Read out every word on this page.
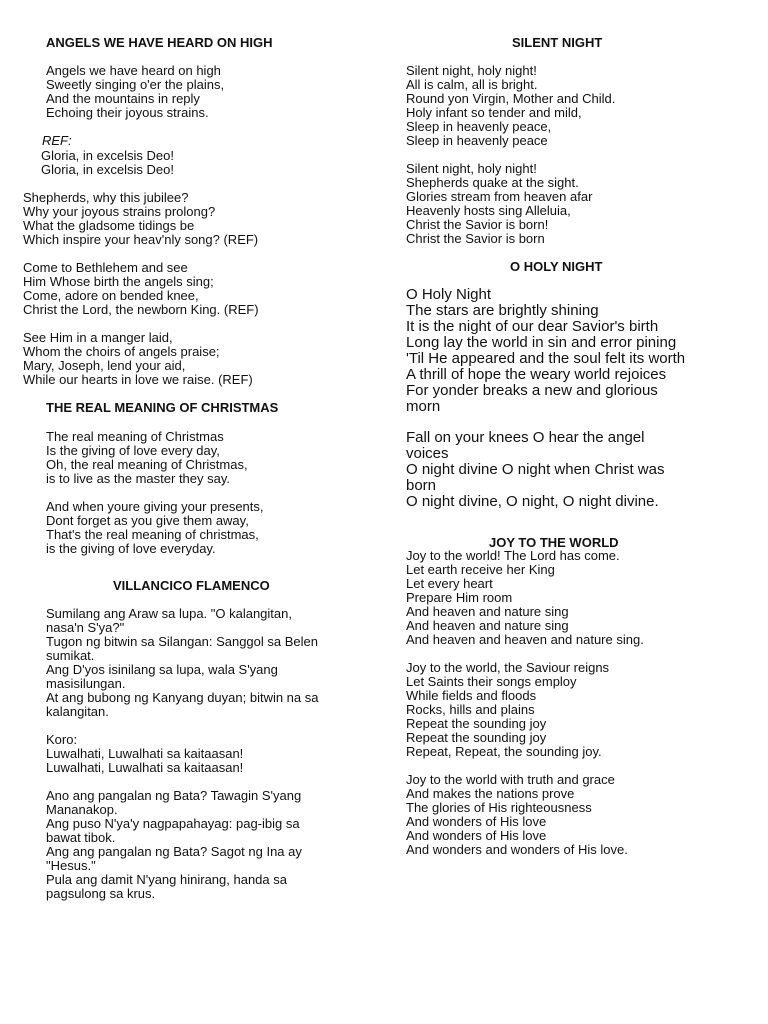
ANGELS WE HAVE HEARD ON HIGH
Angels we have heard on high
Sweetly singing o'er the plains,
And the mountains in reply
Echoing their joyous strains.
REF:
Gloria, in excelsis Deo!
Gloria, in excelsis Deo!
Shepherds, why this jubilee?
Why your joyous strains prolong?
What the gladsome tidings be
Which inspire your heav'nly song? (REF)
Come to Bethlehem and see
Him Whose birth the angels sing;
Come, adore on bended knee,
Christ the Lord, the newborn King. (REF)
See Him in a manger laid,
Whom the choirs of angels praise;
Mary, Joseph, lend your aid,
While our hearts in love we raise. (REF)
THE REAL MEANING OF CHRISTMAS
The real meaning of Christmas
Is the giving of love every day,
Oh, the real meaning of Christmas,
is to live as the master they say.
And when youre giving your presents,
Dont forget as you give them away,
That's the real meaning of christmas,
is the giving of love everyday.
VILLANCICO FLAMENCO
Sumilang ang Araw sa lupa. "O kalangitan,
nasa'n S'ya?"
Tugon ng bitwin sa Silangan: Sanggol sa Belen
sumikat.
Ang D'yos isinilang sa lupa, wala S'yang
masisilungan.
At ang bubong ng Kanyang duyan; bitwin na sa
kalangitan.
Koro:
Luwalhati, Luwalhati sa kaitaasan!
Luwalhati, Luwalhati sa kaitaasan!
Ano ang pangalan ng Bata? Tawagin S'yang
Mananakop.
Ang puso N'ya'y nagpapahayag: pag-ibig sa
bawat tibok.
Ang ang pangalan ng Bata? Sagot ng Ina ay
"Hesus."
Pula ang damit N'yang hinirang, handa sa
pagsulong sa krus.
SILENT NIGHT
Silent night, holy night!
All is calm, all is bright.
Round yon Virgin, Mother and Child.
Holy infant so tender and mild,
Sleep in heavenly peace,
Sleep in heavenly peace
Silent night, holy night!
Shepherds quake at the sight.
Glories stream from heaven afar
Heavenly hosts sing Alleluia,
Christ the Savior is born!
Christ the Savior is born
O HOLY NIGHT
O Holy Night
The stars are brightly shining
It is the night of our dear Savior's birth
Long lay the world in sin and error pining
'Til He appeared and the soul felt its worth
A thrill of hope the weary world rejoices
For yonder breaks a new and glorious
morn
Fall on your knees O hear the angel
voices
O night divine O night when Christ was
born
O night divine, O night, O night divine.
JOY TO THE WORLD
Joy to the world! The Lord has come.
Let earth receive her King
Let every heart
Prepare Him room
And heaven and nature sing
And heaven and nature sing
And heaven and heaven and nature sing.
Joy to the world, the Saviour reigns
Let Saints their songs employ
While fields and floods
Rocks, hills and plains
Repeat the sounding joy
Repeat the sounding joy
Repeat, Repeat, the sounding joy.
Joy to the world with truth and grace
And makes the nations prove
The glories of His righteousness
And wonders of His love
And wonders of His love
And wonders and wonders of His love.
